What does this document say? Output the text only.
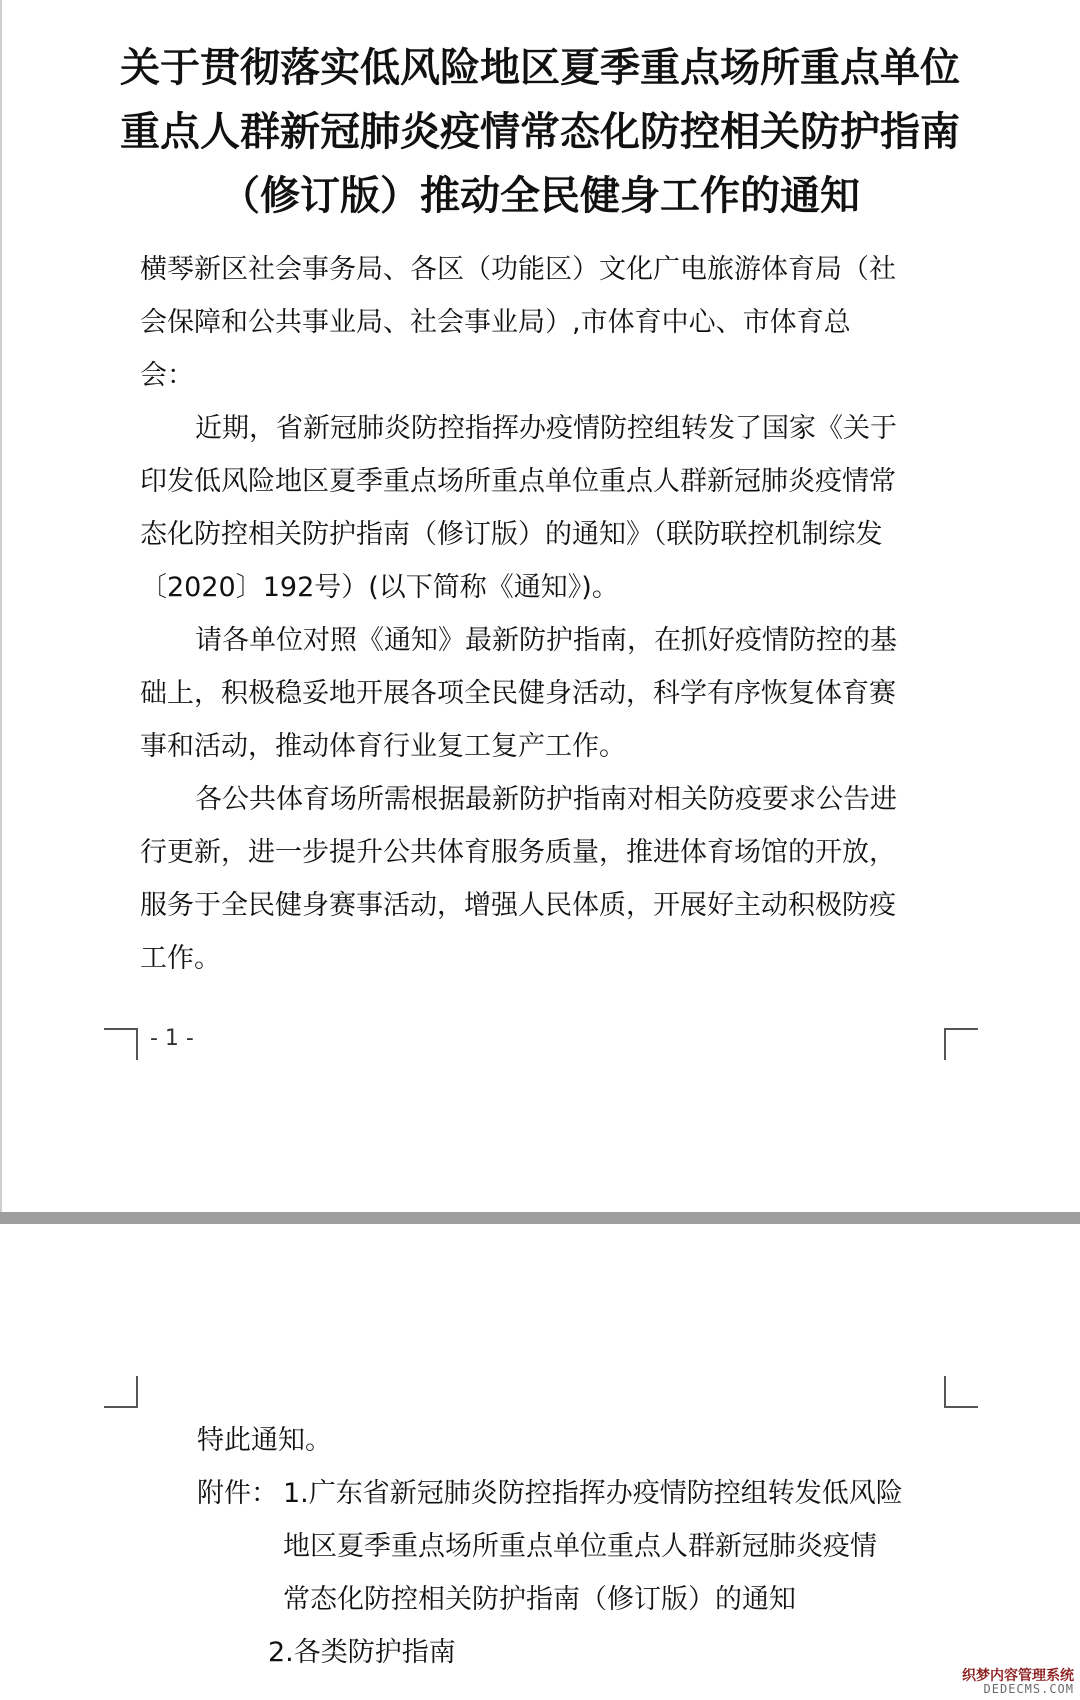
关于贯彻落实低风险地区夏季重点场所重点单位
重点人群新冠肺炎疫情常态化防控相关防护指南
（修订版）推动全民健身工作的通知
横琴新区社会事务局、各区（功能区）文化广电旅游体育局（社
会保障和公共事业局、社会事业局）,市体育中心、市体育总
会：
近期，省新冠肺炎防控指挥办疫情防控组转发了国家《关于
印发低风险地区夏季重点场所重点单位重点人群新冠肺炎疫情常
态化防控相关防护指南（修订版）的通知》（联防联控机制综发
〔2020〕192号）(以下简称《通知》)。
请各单位对照《通知》最新防护指南，在抓好疫情防控的基
础上，积极稳妥地开展各项全民健身活动，科学有序恢复体育赛
事和活动，推动体育行业复工复产工作。
各公共体育场所需根据最新防护指南对相关防疫要求公告进
行更新，进一步提升公共体育服务质量，推进体育场馆的开放，
服务于全民健身赛事活动，增强人民体质，开展好主动积极防疫
工作。
- 1 -
特此通知。
附件： 1.广东省新冠肺炎防控指挥办疫情防控组转发低风险
地区夏季重点场所重点单位重点人群新冠肺炎疫情
常态化防控相关防护指南（修订版）的通知
2.各类防护指南
织梦内容管理系统
DEDECMS.COM
